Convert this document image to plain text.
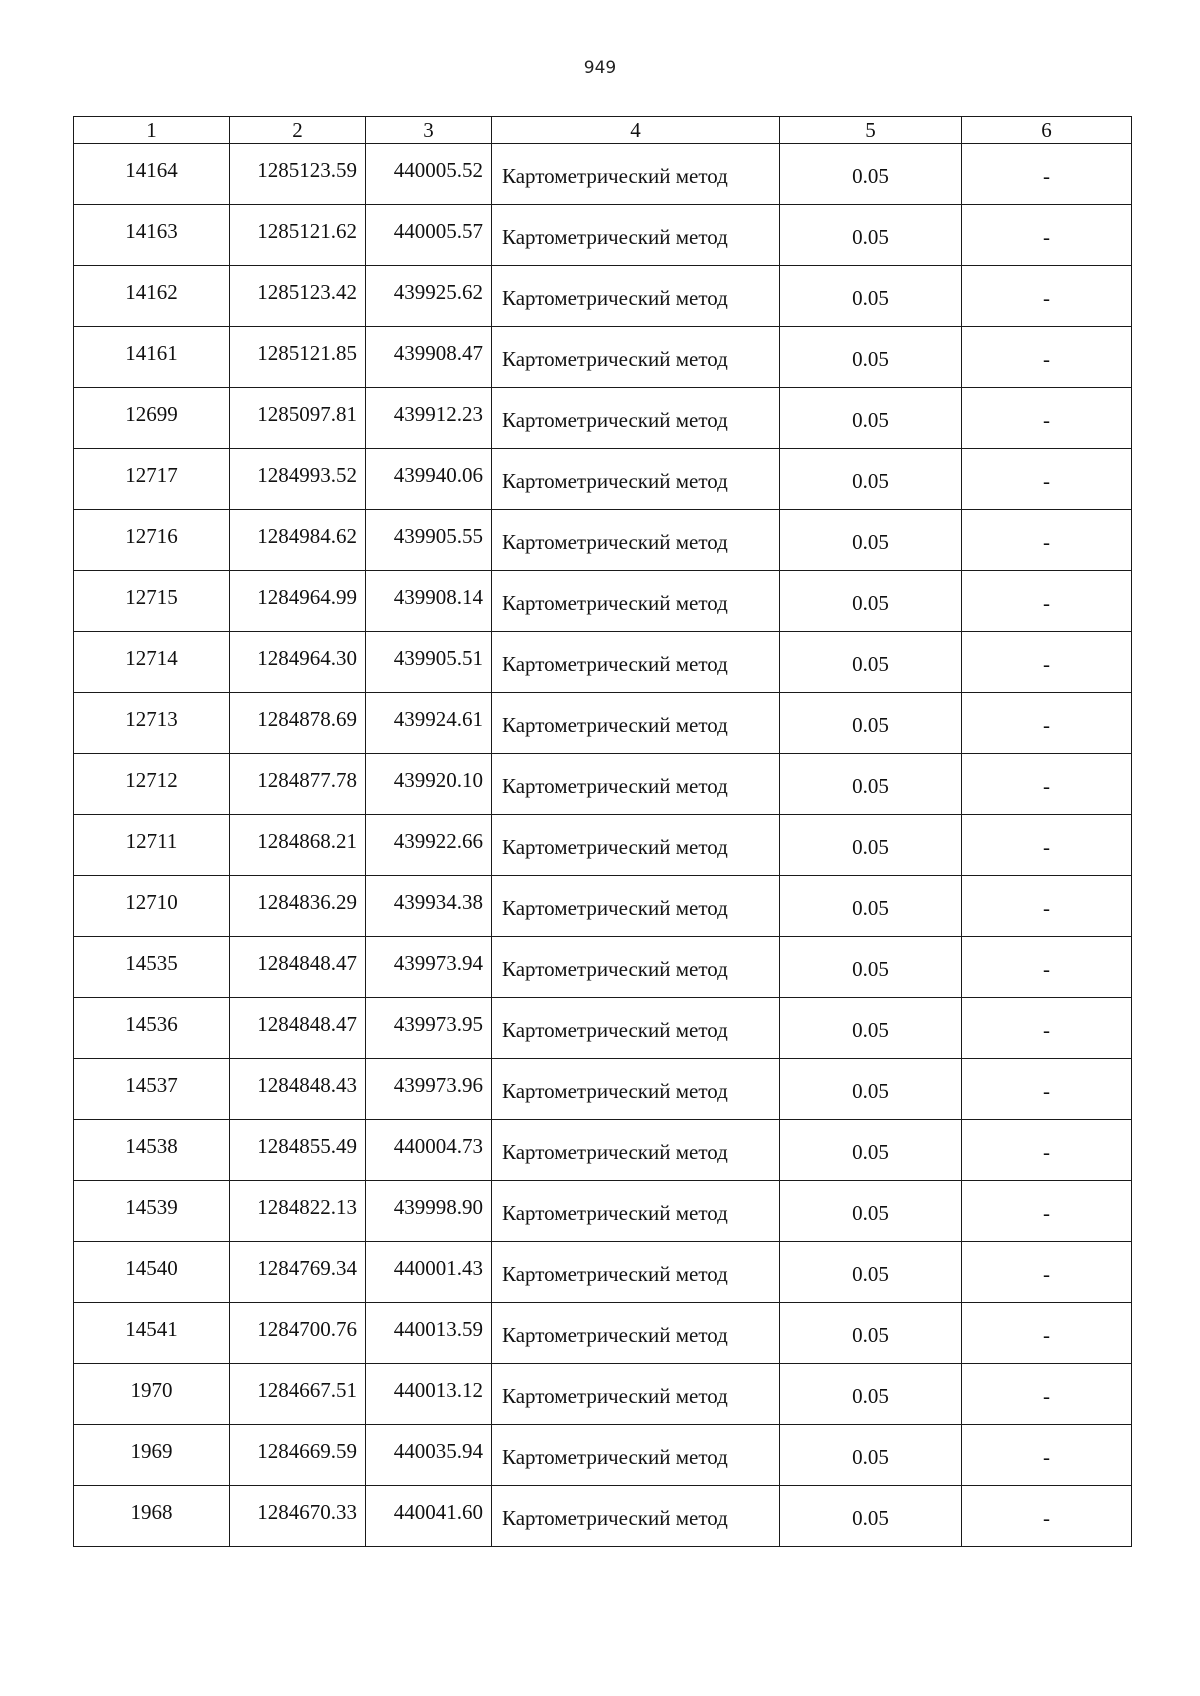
949
1	2	3	4	5	6
14164	1285123.59	440005.52	Картометрический метод	0.05	-
14163	1285121.62	440005.57	Картометрический метод	0.05	-
14162	1285123.42	439925.62	Картометрический метод	0.05	-
14161	1285121.85	439908.47	Картометрический метод	0.05	-
12699	1285097.81	439912.23	Картометрический метод	0.05	-
12717	1284993.52	439940.06	Картометрический метод	0.05	-
12716	1284984.62	439905.55	Картометрический метод	0.05	-
12715	1284964.99	439908.14	Картометрический метод	0.05	-
12714	1284964.30	439905.51	Картометрический метод	0.05	-
12713	1284878.69	439924.61	Картометрический метод	0.05	-
12712	1284877.78	439920.10	Картометрический метод	0.05	-
12711	1284868.21	439922.66	Картометрический метод	0.05	-
12710	1284836.29	439934.38	Картометрический метод	0.05	-
14535	1284848.47	439973.94	Картометрический метод	0.05	-
14536	1284848.47	439973.95	Картометрический метод	0.05	-
14537	1284848.43	439973.96	Картометрический метод	0.05	-
14538	1284855.49	440004.73	Картометрический метод	0.05	-
14539	1284822.13	439998.90	Картометрический метод	0.05	-
14540	1284769.34	440001.43	Картометрический метод	0.05	-
14541	1284700.76	440013.59	Картометрический метод	0.05	-
1970	1284667.51	440013.12	Картометрический метод	0.05	-
1969	1284669.59	440035.94	Картометрический метод	0.05	-
1968	1284670.33	440041.60	Картометрический метод	0.05	-
